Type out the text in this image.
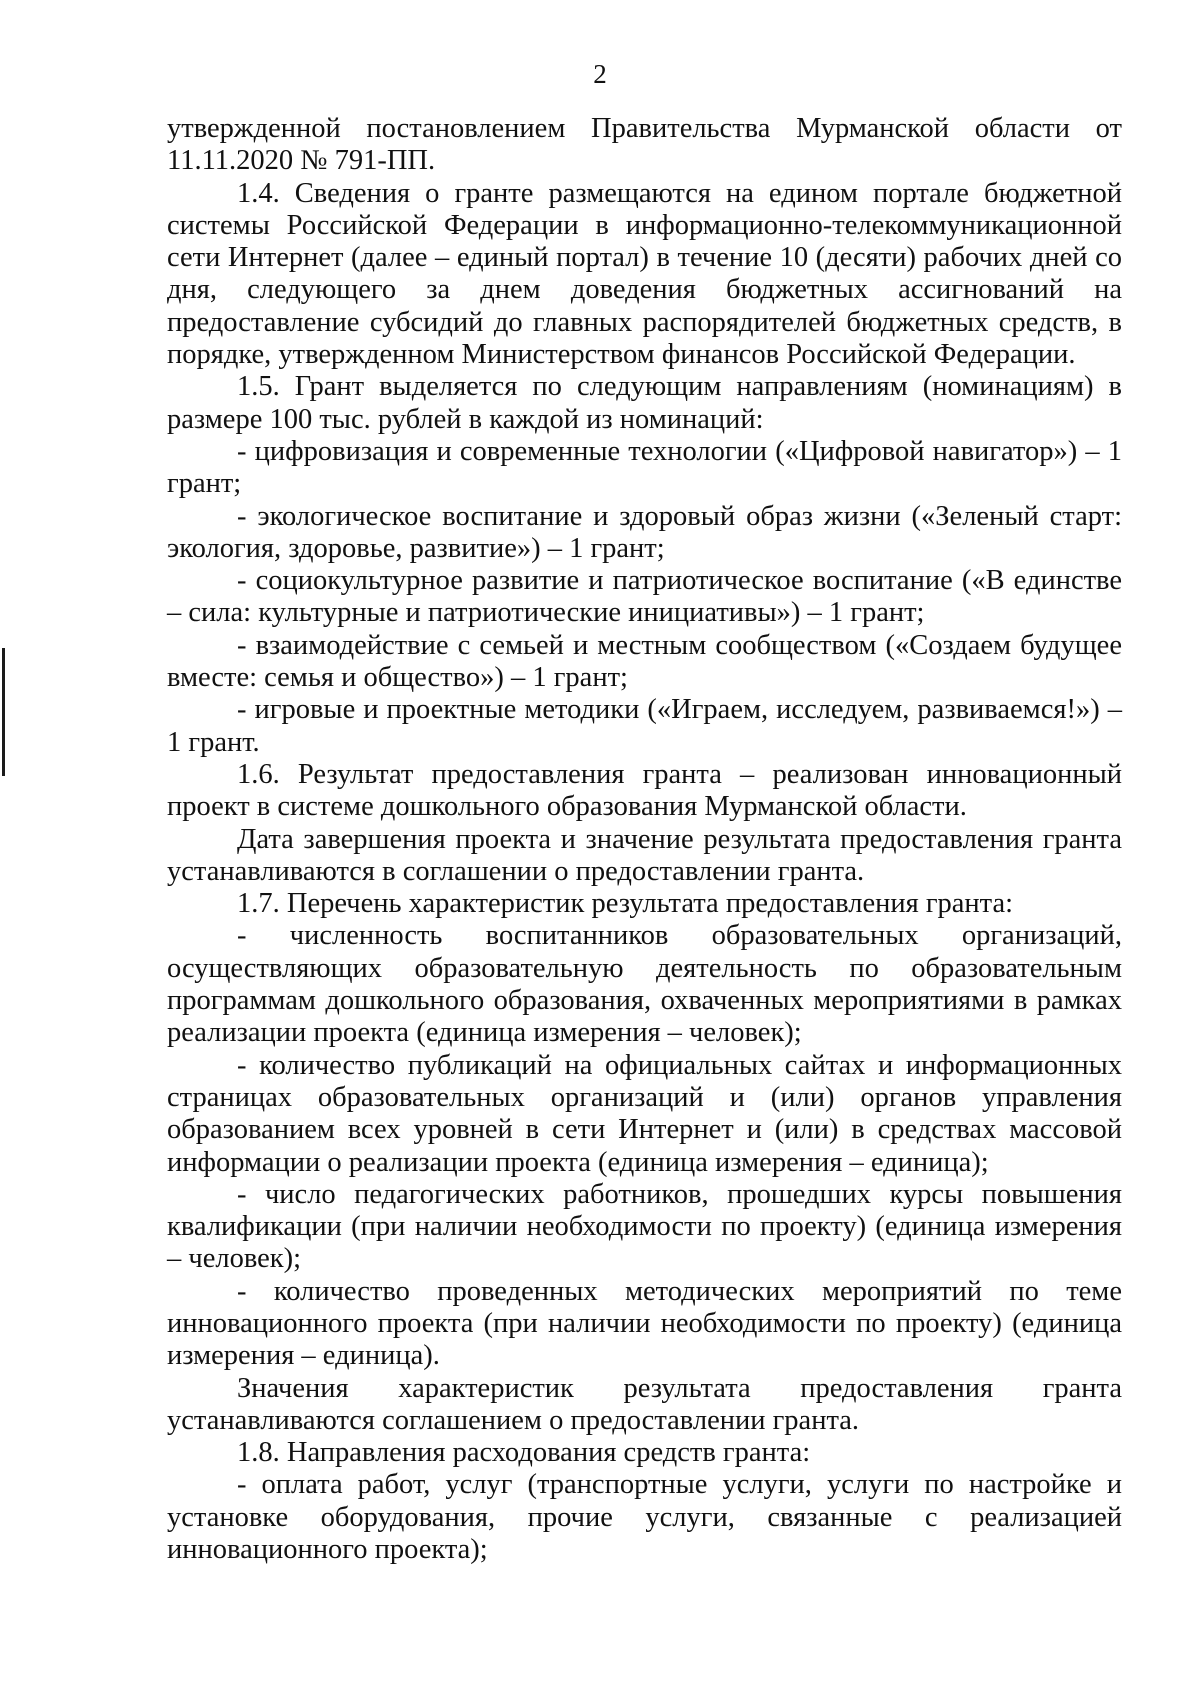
2

утвержденной постановлением Правительства Мурманской области от 11.11.2020 № 791-ПП.

1.4. Сведения о гранте размещаются на едином портале бюджетной системы Российской Федерации в информационно-телекоммуникационной сети Интернет (далее – единый портал) в течение 10 (десяти) рабочих дней со дня, следующего за днем доведения бюджетных ассигнований на предоставление субсидий до главных распорядителей бюджетных средств, в порядке, утвержденном Министерством финансов Российской Федерации.

1.5. Грант выделяется по следующим направлениям (номинациям) в размере 100 тыс. рублей в каждой из номинаций:

- цифровизация и современные технологии («Цифровой навигатор») – 1 грант;

- экологическое воспитание и здоровый образ жизни («Зеленый старт: экология, здоровье, развитие») – 1 грант;

- социокультурное развитие и патриотическое воспитание («В единстве – сила: культурные и патриотические инициативы») – 1 грант;

- взаимодействие с семьей и местным сообществом («Создаем будущее вместе: семья и общество») – 1 грант;

- игровые и проектные методики («Играем, исследуем, развиваемся!») – 1 грант.

1.6. Результат предоставления гранта – реализован инновационный проект в системе дошкольного образования Мурманской области.

Дата завершения проекта и значение результата предоставления гранта устанавливаются в соглашении о предоставлении гранта.

1.7. Перечень характеристик результата предоставления гранта:

- численность воспитанников образовательных организаций, осуществляющих образовательную деятельность по образовательным программам дошкольного образования, охваченных мероприятиями в рамках реализации проекта (единица измерения – человек);

- количество публикаций на официальных сайтах и информационных страницах образовательных организаций и (или) органов управления образованием всех уровней в сети Интернет и (или) в средствах массовой информации о реализации проекта (единица измерения – единица);

- число педагогических работников, прошедших курсы повышения квалификации (при наличии необходимости по проекту) (единица измерения – человек);

- количество проведенных методических мероприятий по теме инновационного проекта (при наличии необходимости по проекту) (единица измерения – единица).

Значения характеристик результата предоставления гранта устанавливаются соглашением о предоставлении гранта.

1.8. Направления расходования средств гранта:

- оплата работ, услуг (транспортные услуги, услуги по настройке и установке оборудования, прочие услуги, связанные с реализацией инновационного проекта);
